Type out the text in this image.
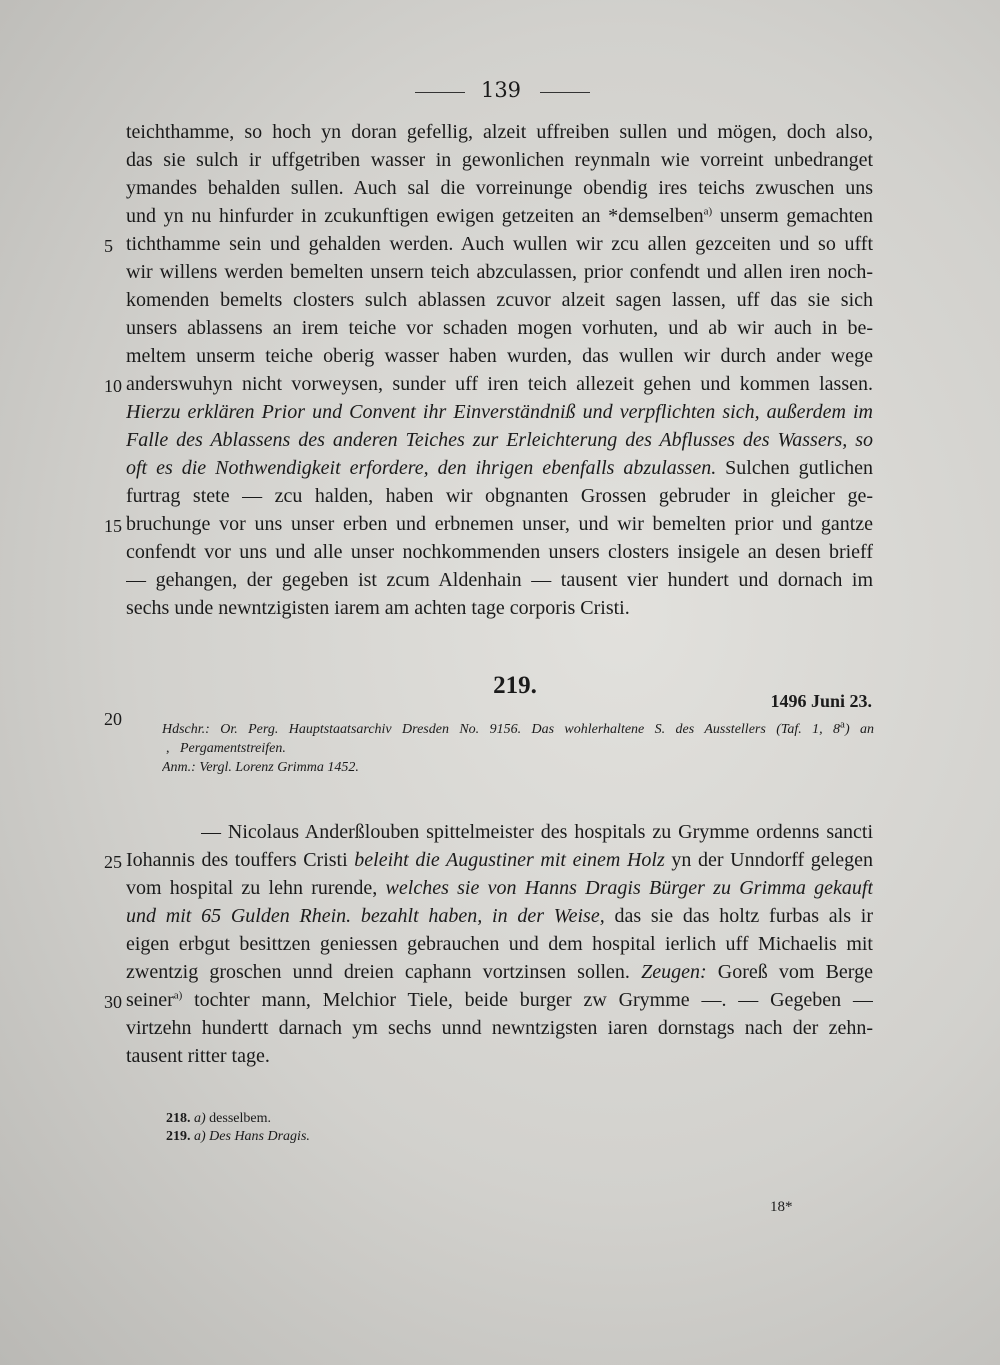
139
teichthamme, so hoch yn doran gefellig, alzeit uffreiben sullen und mögen, doch also,
das sie sulch ir uffgetriben wasser in gewonlichen reynmaln wie vorreint unbedranget
ymandes behalden sullen. Auch sal die vorreinunge obendig ires teichs zwuschen uns
und yn nu hinfurder in zcukunftigen ewigen getzeiten an *demselben$^{a)}$ unserm gemachten
tichthamme sein und gehalden werden. Auch wullen wir zcu allen gezceiten und so ufft
wir willens werden bemelten unsern teich abzculassen, prior confendt und allen iren noch-
komenden bemelts closters sulch ablassen zcuvor alzeit sagen lassen, uff das sie sich
unsers ablassens an irem teiche vor schaden mogen vorhuten, und ab wir auch in be-
meltem unserm teiche oberig wasser haben wurden, das wullen wir durch ander wege
anderswuhyn nicht vorweysen, sunder uff iren teich allezeit gehen und kommen lassen.
Hierzu erklären Prior und Convent ihr Einverständniß und verpflichten sich, außerdem im
Falle des Ablassens des anderen Teiches zur Erleichterung des Abflusses des Wassers, so
oft es die Nothwendigkeit erfordere, den ihrigen ebenfalls abzulassen. Sulchen gutlichen
furtrag stete — zcu halden, haben wir obgnanten Grossen gebruder in gleicher ge-
bruchunge vor uns unser erben und erbnemen unser, und wir bemelten prior und gantze
confendt vor uns und alle unser nochkommenden unsers closters insigele an desen brieff
— gehangen, der gegeben ist zcum Aldenhain — tausent vier hundert und dornach im
sechs unde newntzigisten iarem am achten tage corporis Cristi.
5
10
15
20
25
30
219.
1496 Juni 23.
Hdschr.: Or. Perg. Hauptstaatsarchiv Dresden No. 9156. Das wohlerhaltene S. des Ausstellers (Taf. 1, 8$^a$) an
, Pergamentstreifen.
Anm.: Vergl. Lorenz Grimma 1452.
— Nicolaus Anderßlouben spittelmeister des hospitals zu Grymme ordenns sancti
Iohannis des touffers Cristi beleiht die Augustiner mit einem Holz yn der Unndorff gelegen
vom hospital zu lehn rurende, welches sie von Hanns Dragis Bürger zu Grimma gekauft
und mit 65 Gulden Rhein. bezahlt haben, in der Weise, das sie das holtz furbas als ir
eigen erbgut besittzen geniessen gebrauchen und dem hospital ierlich uff Michaelis mit
zwentzig groschen unnd dreien caphann vortzinsen sollen. Zeugen: Goreß vom Berge
seiner$^{a)}$ tochter mann, Melchior Tiele, beide burger zw Grymme —. — Gegeben —
virtzehn hundertt darnach ym sechs unnd newntzigsten iaren dornstags nach der zehn-
tausent ritter tage.
218. a) desselbem.
219. a) Des Hans Dragis.
18*
